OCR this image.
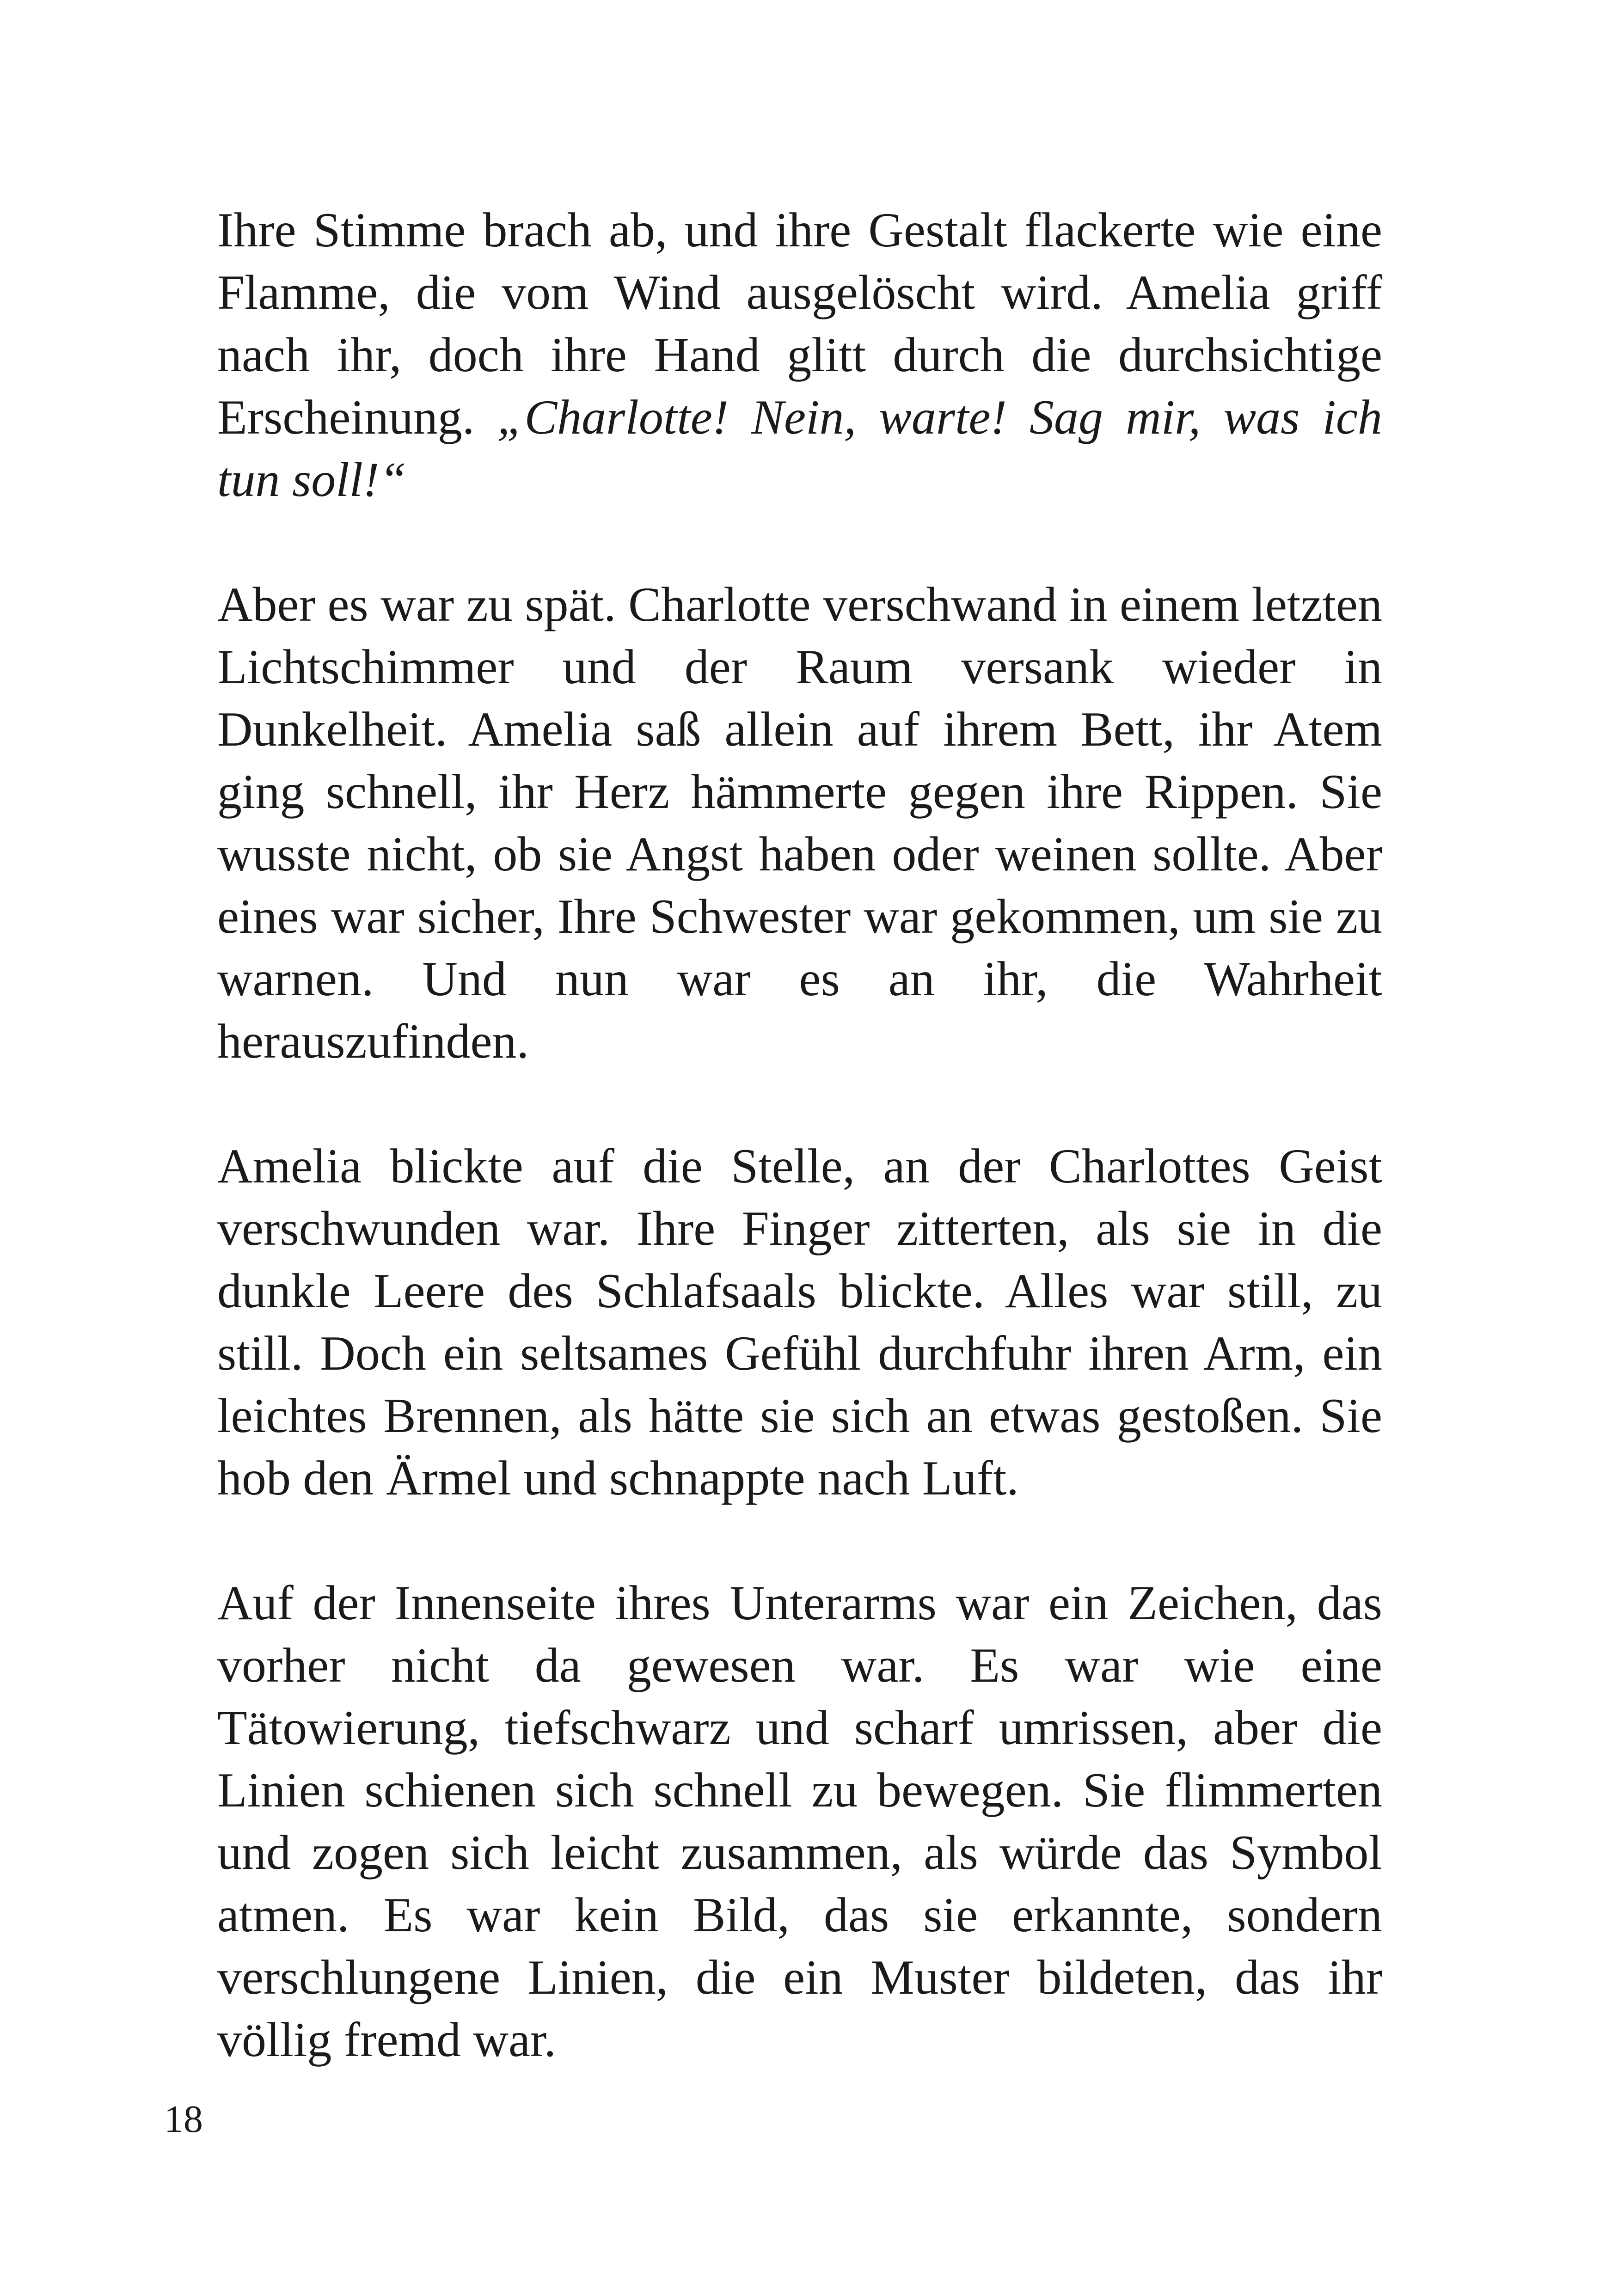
Ihre Stimme brach ab, und ihre Gestalt flackerte wie eine Flamme, die vom Wind ausgelöscht wird. Amelia griff nach ihr, doch ihre Hand glitt durch die durchsichtige Erscheinung. „Charlotte! Nein, warte! Sag mir, was ich tun soll!“

Aber es war zu spät. Charlotte verschwand in einem letzten Lichtschimmer und der Raum versank wieder in Dunkelheit. Amelia saß allein auf ihrem Bett, ihr Atem ging schnell, ihr Herz hämmerte gegen ihre Rippen. Sie wusste nicht, ob sie Angst haben oder weinen sollte. Aber eines war sicher, Ihre Schwester war gekommen, um sie zu warnen. Und nun war es an ihr, die Wahrheit herauszufinden.

Amelia blickte auf die Stelle, an der Charlottes Geist verschwunden war. Ihre Finger zitterten, als sie in die dunkle Leere des Schlafsaals blickte. Alles war still, zu still. Doch ein seltsames Gefühl durchfuhr ihren Arm, ein leichtes Brennen, als hätte sie sich an etwas gestoßen. Sie hob den Ärmel und schnappte nach Luft.

Auf der Innenseite ihres Unterarms war ein Zeichen, das vorher nicht da gewesen war. Es war wie eine Tätowierung, tiefschwarz und scharf umrissen, aber die Linien schienen sich schnell zu bewegen. Sie flimmerten und zogen sich leicht zusammen, als würde das Symbol atmen. Es war kein Bild, das sie erkannte, sondern verschlungene Linien, die ein Muster bildeten, das ihr völlig fremd war.

18
